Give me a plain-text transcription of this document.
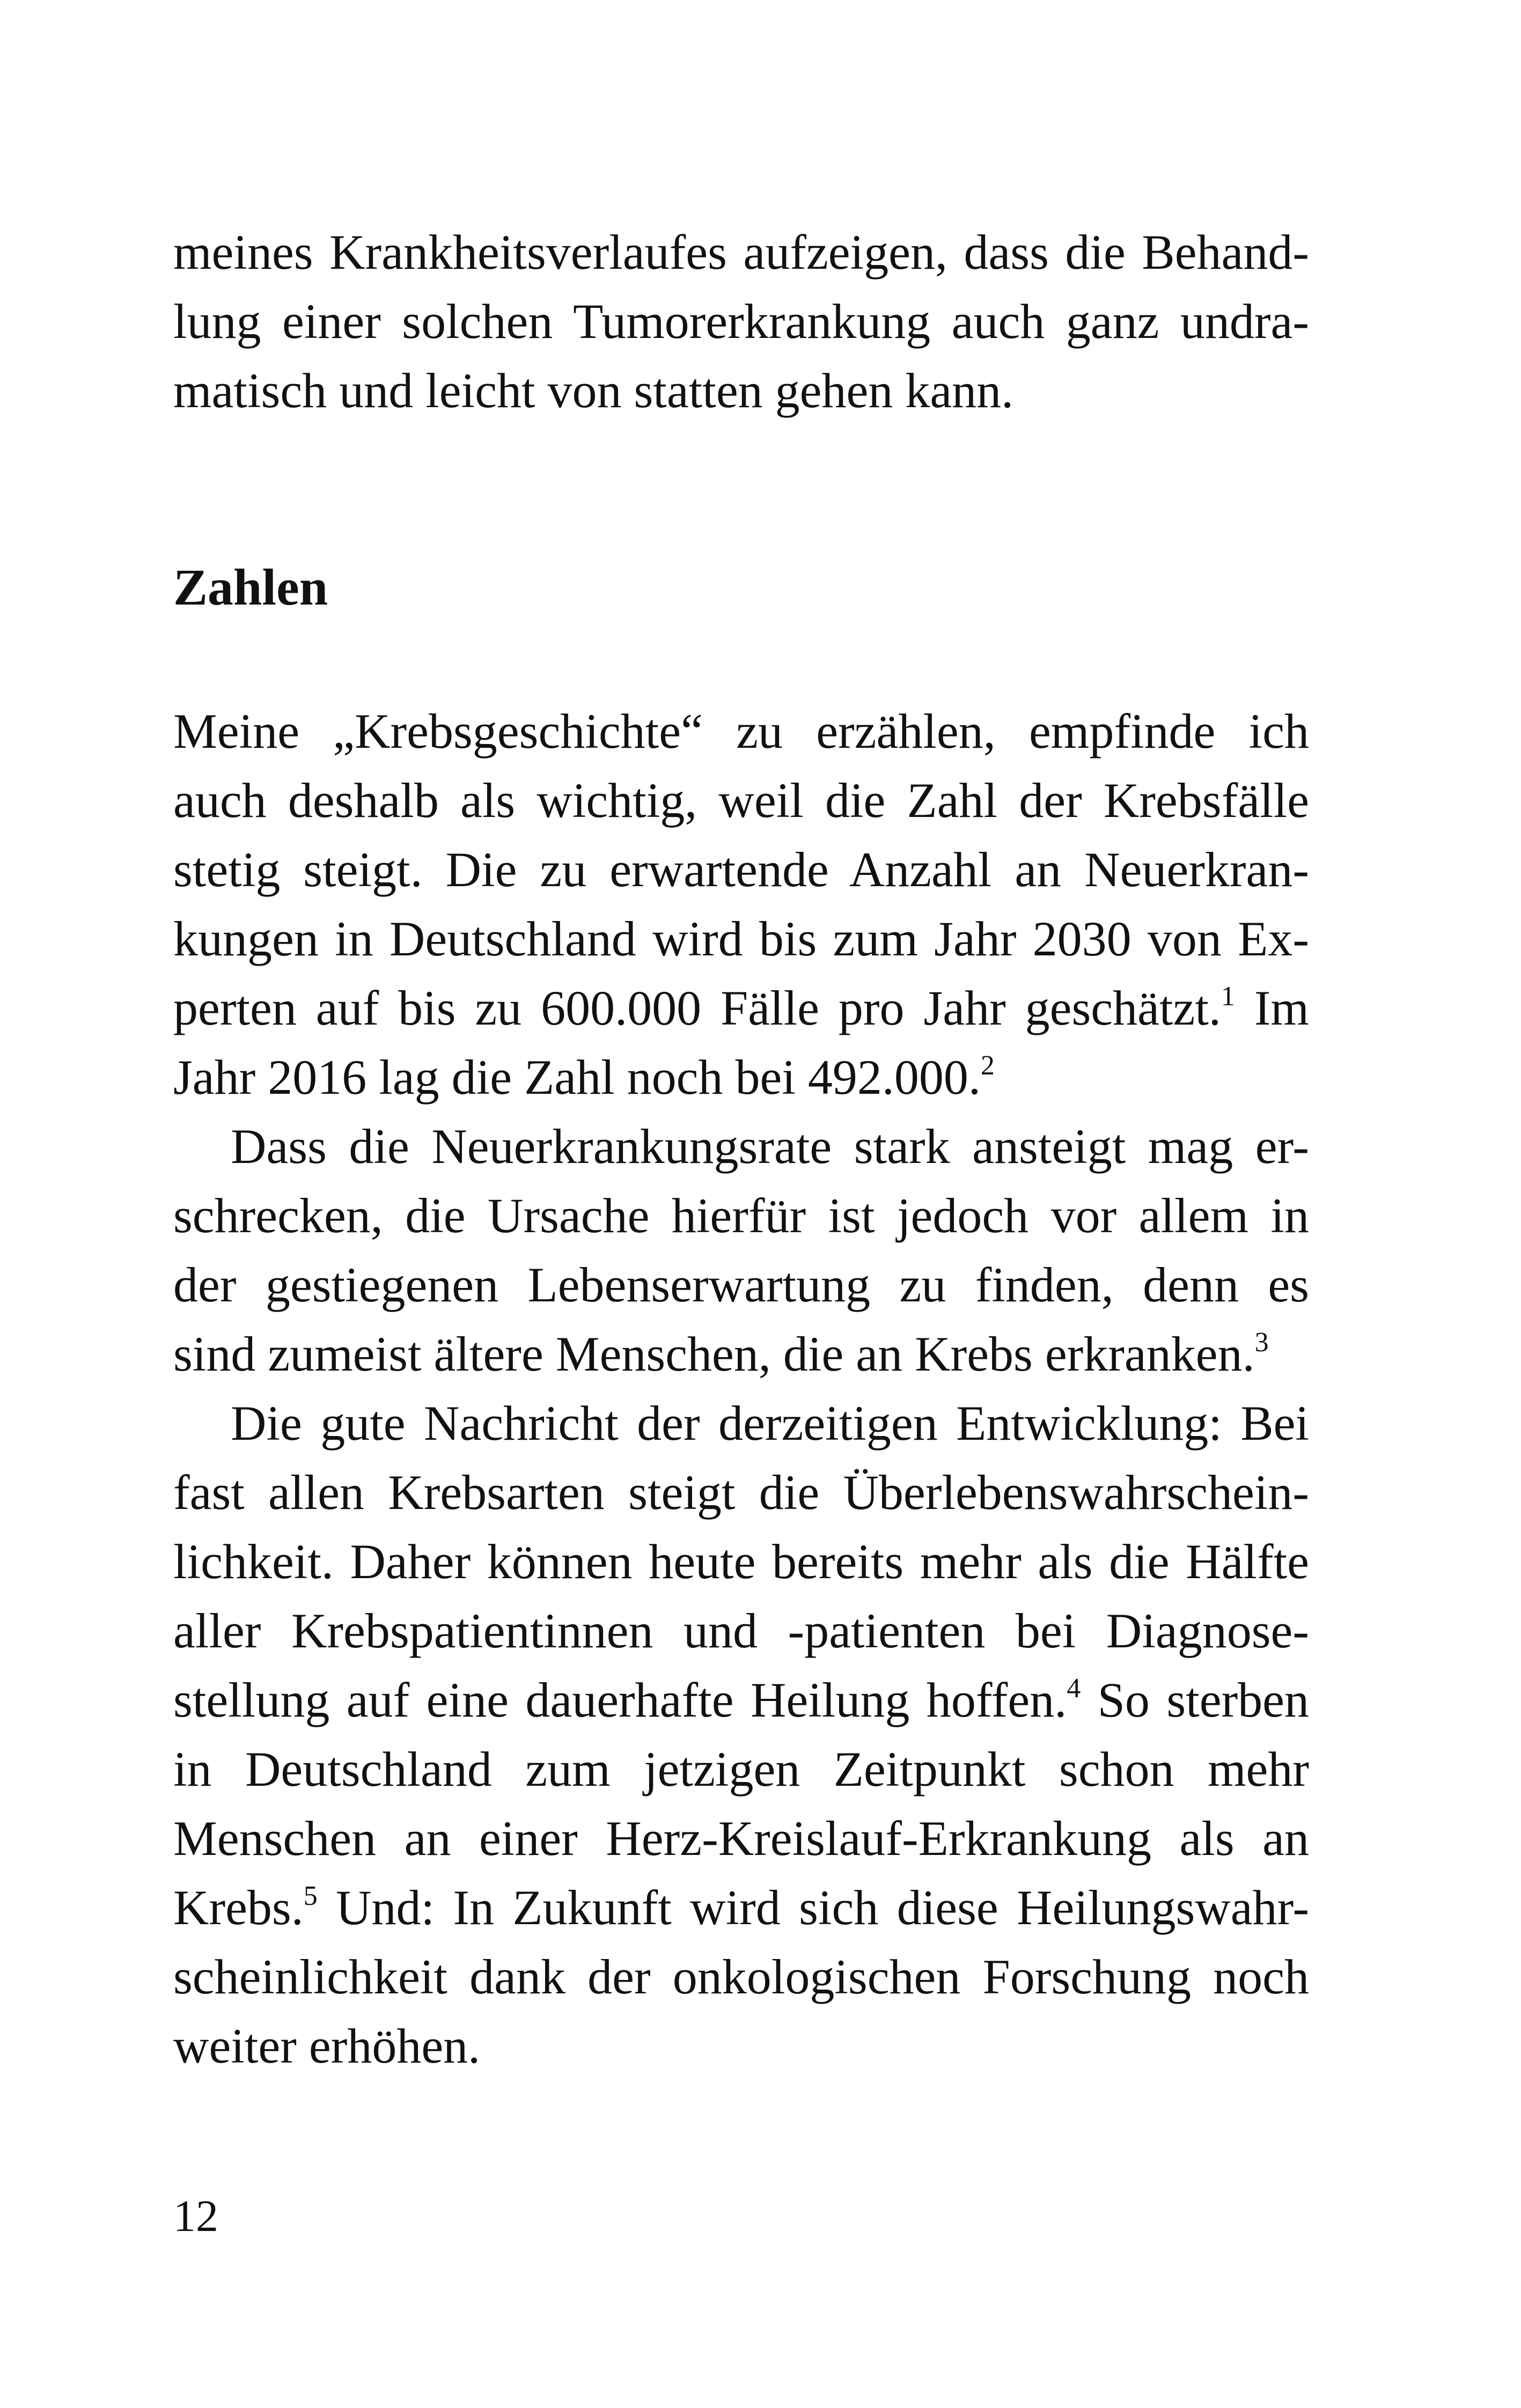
meines Krankheitsverlaufes aufzeigen, dass die Behand-
lung einer solchen Tumorerkrankung auch ganz undra-
matisch und leicht von statten gehen kann.
Zahlen
Meine „Krebsgeschichte“ zu erzählen, empfinde ich
auch deshalb als wichtig, weil die Zahl der Krebsfälle
stetig steigt. Die zu erwartende Anzahl an Neuerkran-
kungen in Deutschland wird bis zum Jahr 2030 von Ex-
perten auf bis zu 600.000 Fälle pro Jahr geschätzt.$^1$ Im
Jahr 2016 lag die Zahl noch bei 492.000.$^2$
Dass die Neuerkrankungsrate stark ansteigt mag er-
schrecken, die Ursache hierfür ist jedoch vor allem in
der gestiegenen Lebenserwartung zu finden, denn es
sind zumeist ältere Menschen, die an Krebs erkranken.$^3$
Die gute Nachricht der derzeitigen Entwicklung: Bei
fast allen Krebsarten steigt die Überlebenswahrschein-
lichkeit. Daher können heute bereits mehr als die Hälfte
aller Krebspatientinnen und -patienten bei Diagnose-
stellung auf eine dauerhafte Heilung hoffen.$^4$ So sterben
in Deutschland zum jetzigen Zeitpunkt schon mehr
Menschen an einer Herz-Kreislauf-Erkrankung als an
Krebs.$^5$ Und: In Zukunft wird sich diese Heilungswahr-
scheinlichkeit dank der onkologischen Forschung noch
weiter erhöhen.
12
